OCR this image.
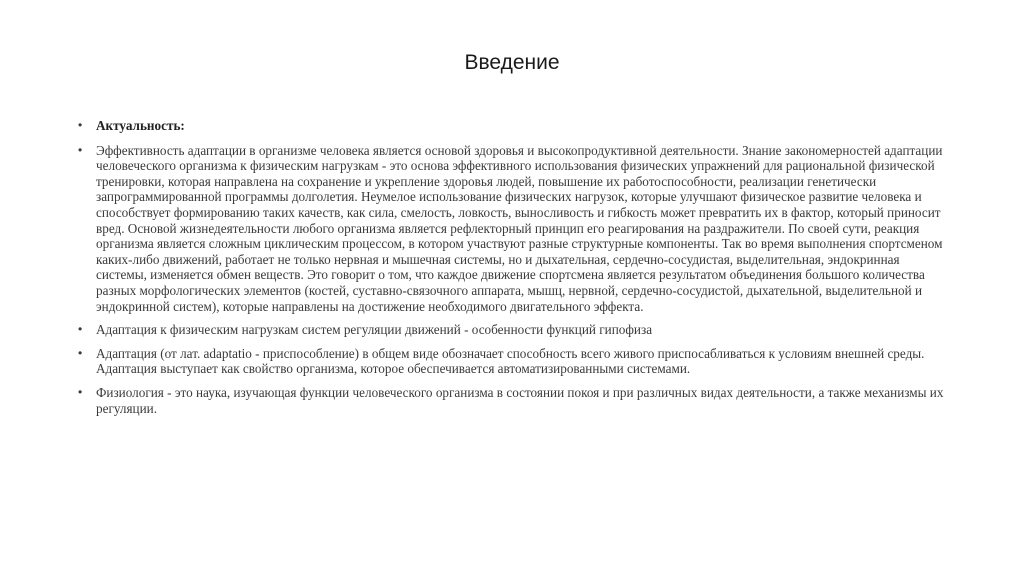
Введение
• Актуальность:
• Эффективность адаптации в организме человека является основой здоровья и высокопродуктивной деятельности. Знание закономерностей адаптации человеческого организма к физическим нагрузкам - это основа эффективного использования физических упражнений для рациональной физической тренировки, которая направлена на сохранение и укрепление здоровья людей, повышение их работоспособности, реализации генетически запрограммированной программы долголетия. Неумелое использование физических нагрузок, которые улучшают физическое развитие человека и способствует формированию таких качеств, как сила, смелость, ловкость, выносливость и гибкость может превратить их в фактор, который приносит вред. Основой жизнедеятельности любого организма является рефлекторный принцип его реагирования на раздражители. По своей сути, реакция организма является сложным циклическим процессом, в котором участвуют разные структурные компоненты. Так во время выполнения спортсменом каких-либо движений, работает не только нервная и мышечная системы, но и дыхательная, сердечно-сосудистая, выделительная, эндокринная системы, изменяется обмен веществ. Это говорит о том, что каждое движение спортсмена является результатом объединения большого количества разных морфологических элементов (костей, суставно-связочного аппарата, мышц, нервной, сердечно-сосудистой, дыхательной, выделительной и эндокринной систем), которые направлены на достижение необходимого двигательного эффекта.
• Адаптация к физическим нагрузкам систем регуляции движений - особенности функций гипофиза
• Адаптация (от лат. adaptatio - приспособление) в общем виде обозначает способность всего живого приспосабливаться к условиям внешней среды. Адаптация выступает как свойство организма, которое обеспечивается автоматизированными системами.
• Физиология - это наука, изучающая функции человеческого организма в состоянии покоя и при различных видах деятельности, а также механизмы их регуляции.
